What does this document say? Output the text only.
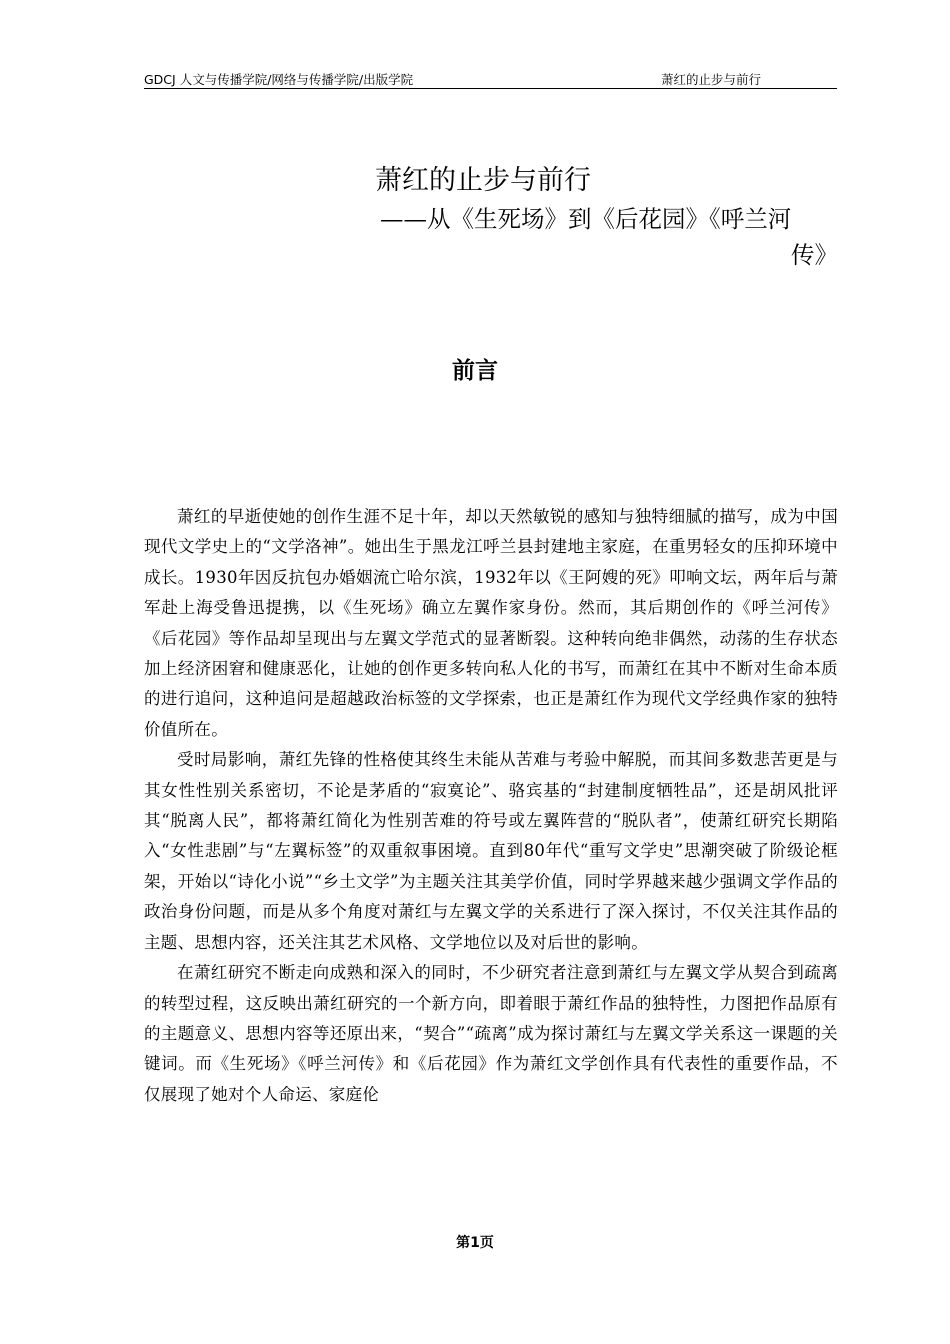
GDCJ 人文与传播学院/网络与传播学院/出版学院	萧红的止步与前行
萧红的止步与前行
——从《生死场》到《后花园》《呼兰河
传》
前言

萧红的早逝使她的创作生涯不足十年，却以天然敏锐的感知与独特细腻的描写，成为中国现代文学史上的“文学洛神”。她出生于黑龙江呼兰县封建地主家庭，在重男轻女的压抑环境中成长。1930年因反抗包办婚姻流亡哈尔滨，1932年以《王阿嫂的死》叩响文坛，两年后与萧军赴上海受鲁迅提携，以《生死场》确立左翼作家身份。然而，其后期创作的《呼兰河传》《后花园》等作品却呈现出与左翼文学范式的显著断裂。这种转向绝非偶然，动荡的生存状态加上经济困窘和健康恶化，让她的创作更多转向私人化的书写，而萧红在其中不断对生命本质的进行追问，这种追问是超越政治标签的文学探索，也正是萧红作为现代文学经典作家的独特价值所在。

受时局影响，萧红先锋的性格使其终生未能从苦难与考验中解脱，而其间多数悲苦更是与其女性性别关系密切，不论是茅盾的“寂寞论”、骆宾基的“封建制度牺牲品”，还是胡风批评其“脱离人民”，都将萧红简化为性别苦难的符号或左翼阵营的“脱队者”，使萧红研究长期陷入“女性悲剧”与“左翼标签”的双重叙事困境。直到80年代“重写文学史”思潮突破了阶级论框架，开始以“诗化小说”“乡土文学”为主题关注其美学价值，同时学界越来越少强调文学作品的政治身份问题，而是从多个角度对萧红与左翼文学的关系进行了深入探讨，不仅关注其作品的主题、思想内容，还关注其艺术风格、文学地位以及对后世的影响。

在萧红研究不断走向成熟和深入的同时，不少研究者注意到萧红与左翼文学从契合到疏离的转型过程，这反映出萧红研究的一个新方向，即着眼于萧红作品的独特性，力图把作品原有的主题意义、思想内容等还原出来，“契合”“疏离”成为探讨萧红与左翼文学关系这一课题的关键词。而《生死场》《呼兰河传》和《后花园》作为萧红文学创作具有代表性的重要作品，不仅展现了她对个人命运、家庭伦

第1页
